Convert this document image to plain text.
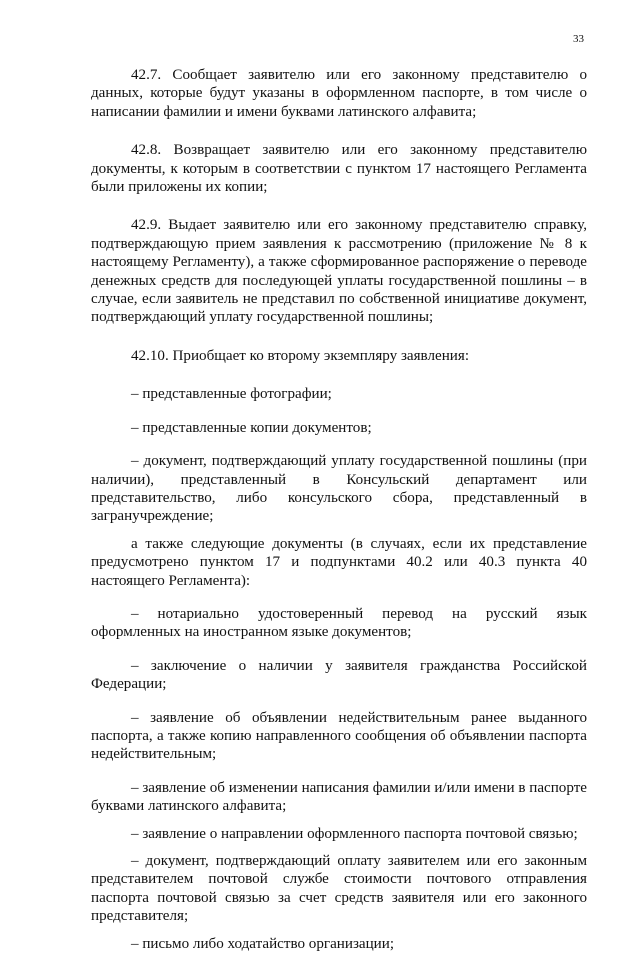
33

42.7. Сообщает заявителю или его законному представителю о данных, которые будут указаны в оформленном паспорте, в том числе о написании фамилии и имени буквами латинского алфавита;

42.8. Возвращает заявителю или его законному представителю документы, к которым в соответствии с пунктом 17 настоящего Регламента были приложены их копии;

42.9. Выдает заявителю или его законному представителю справку, подтверждающую прием заявления к рассмотрению (приложение № 8 к настоящему Регламенту), а также сформированное распоряжение о переводе денежных средств для последующей уплаты государственной пошлины – в случае, если заявитель не представил по собственной инициативе документ, подтверждающий уплату государственной пошлины;

42.10. Приобщает ко второму экземпляру заявления:

– представленные фотографии;

– представленные копии документов;

– документ, подтверждающий уплату государственной пошлины (при наличии), представленный в Консульский департамент или представительство, либо консульского сбора, представленный в загранучреждение;

а также следующие документы (в случаях, если их представление предусмотрено пунктом 17 и подпунктами 40.2 или 40.3 пункта 40 настоящего Регламента):

– нотариально удостоверенный перевод на русский язык оформленных на иностранном языке документов;

– заключение о наличии у заявителя гражданства Российской Федерации;

– заявление об объявлении недействительным ранее выданного паспорта, а также копию направленного сообщения об объявлении паспорта недействительным;

– заявление об изменении написания фамилии и/или имени в паспорте буквами латинского алфавита;

– заявление о направлении оформленного паспорта почтовой связью;

– документ, подтверждающий оплату заявителем или его законным представителем почтовой службе стоимости почтового отправления паспорта почтовой связью за счет средств заявителя или его законного представителя;

– письмо либо ходатайство организации;
